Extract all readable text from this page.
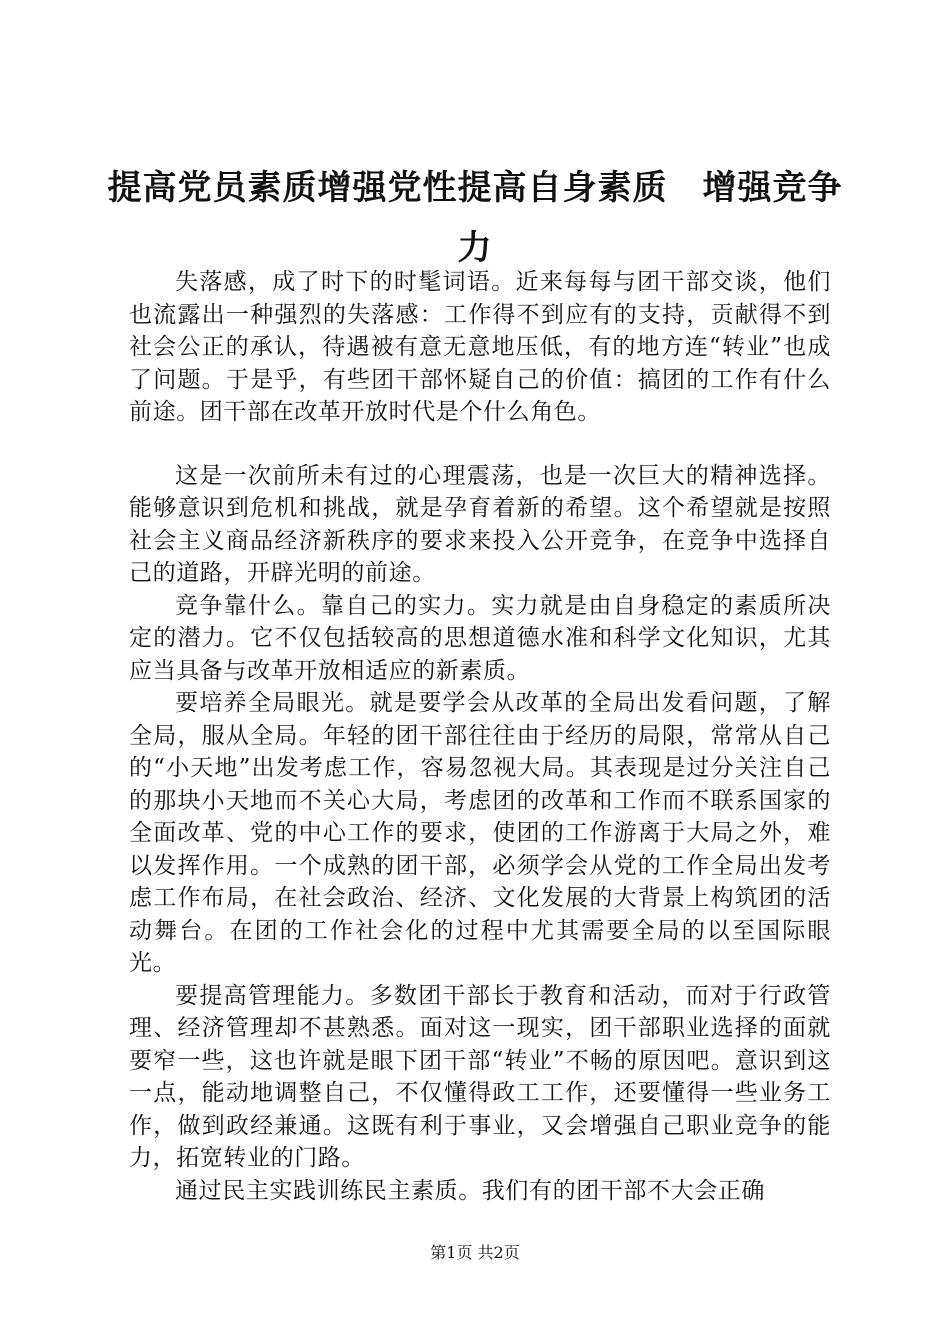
提高党员素质增强党性提高自身素质　增强竞争力

失落感，成了时下的时髦词语。近来每每与团干部交谈，他们也流露出一种强烈的失落感：工作得不到应有的支持，贡献得不到社会公正的承认，待遇被有意无意地压低，有的地方连“转业”也成了问题。于是乎，有些团干部怀疑自己的价值：搞团的工作有什么前途。团干部在改革开放时代是个什么角色。

这是一次前所未有过的心理震荡，也是一次巨大的精神选择。能够意识到危机和挑战，就是孕育着新的希望。这个希望就是按照社会主义商品经济新秩序的要求来投入公开竞争，在竞争中选择自己的道路，开辟光明的前途。

竞争靠什么。靠自己的实力。实力就是由自身稳定的素质所决定的潜力。它不仅包括较高的思想道德水准和科学文化知识，尤其应当具备与改革开放相适应的新素质。

要培养全局眼光。就是要学会从改革的全局出发看问题，了解全局，服从全局。年轻的团干部往往由于经历的局限，常常从自己的“小天地”出发考虑工作，容易忽视大局。其表现是过分关注自己的那块小天地而不关心大局，考虑团的改革和工作而不联系国家的全面改革、党的中心工作的要求，使团的工作游离于大局之外，难以发挥作用。一个成熟的团干部，必须学会从党的工作全局出发考虑工作布局，在社会政治、经济、文化发展的大背景上构筑团的活动舞台。在团的工作社会化的过程中尤其需要全局的以至国际眼光。

要提高管理能力。多数团干部长于教育和活动，而对于行政管理、经济管理却不甚熟悉。面对这一现实，团干部职业选择的面就要窄一些，这也许就是眼下团干部“转业”不畅的原因吧。意识到这一点，能动地调整自己，不仅懂得政工工作，还要懂得一些业务工作，做到政经兼通。这既有利于事业，又会增强自己职业竞争的能力，拓宽转业的门路。

通过民主实践训练民主素质。我们有的团干部不大会正确

第1页 共2页
